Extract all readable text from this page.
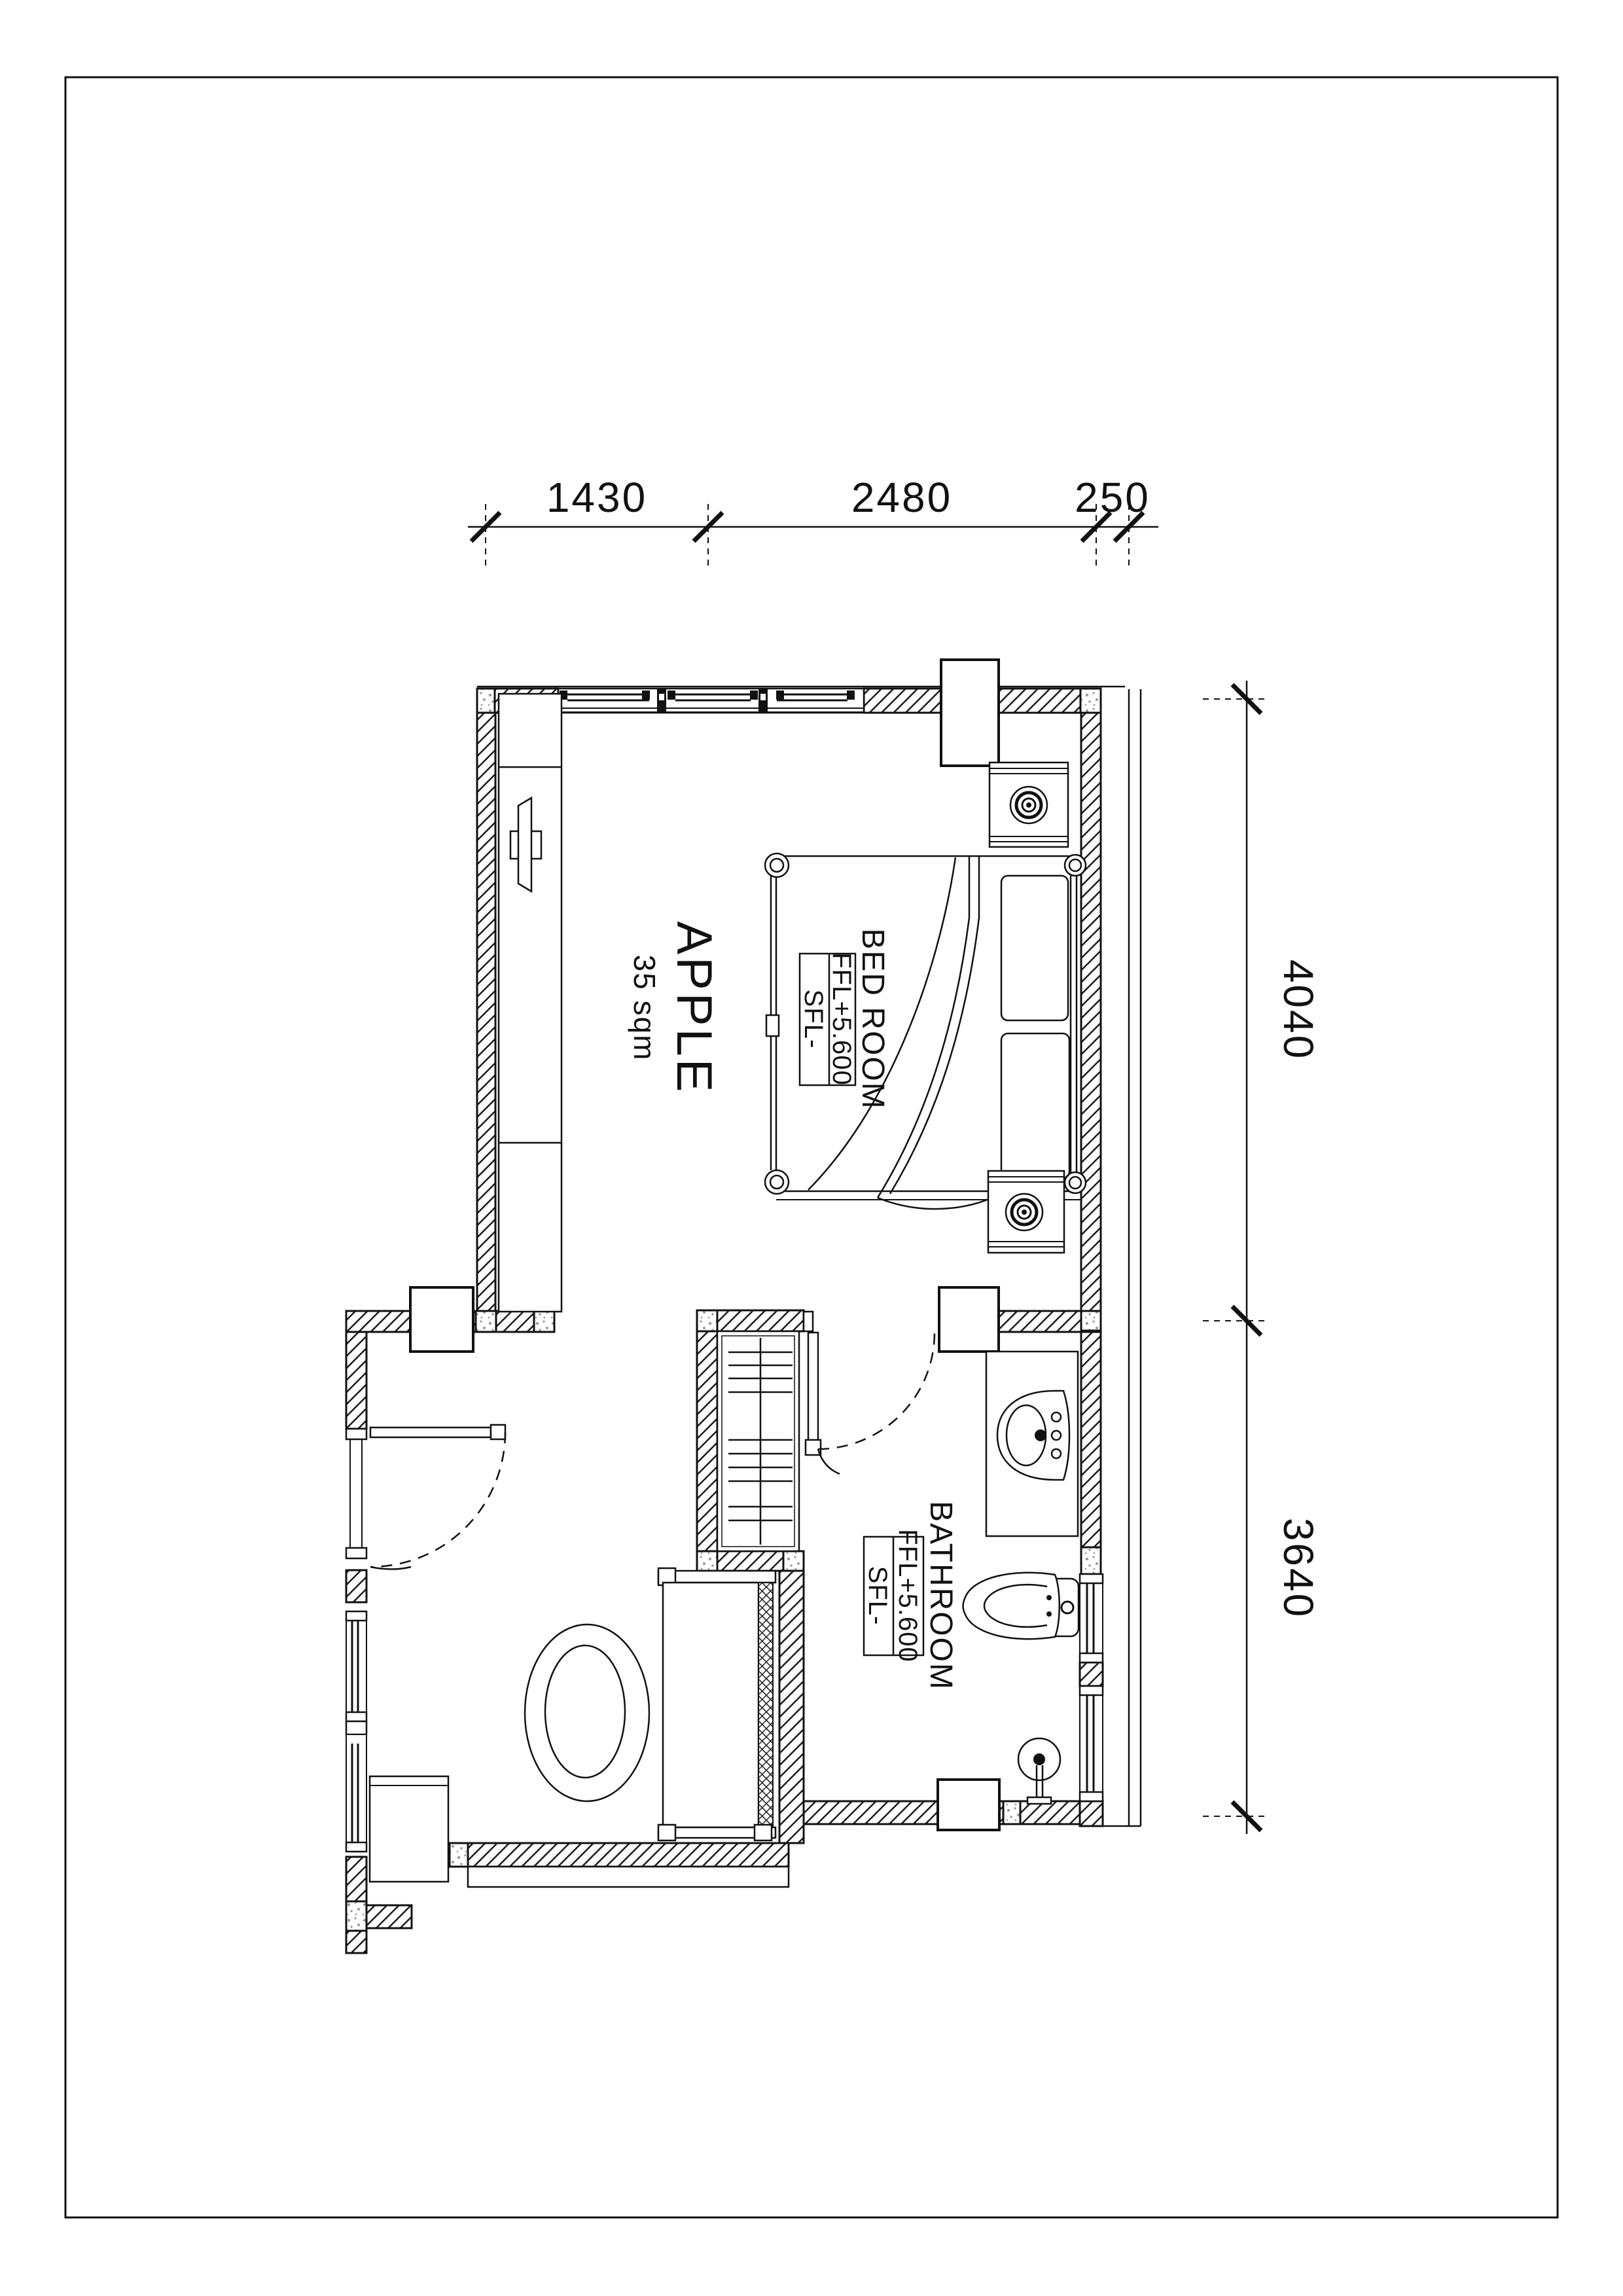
1430	2480	250
4040
3640
APPLE
35 sqm	BED ROOM
FFL+5.600
SFL-
BATHROOM
FFL+5.600
SFL-
